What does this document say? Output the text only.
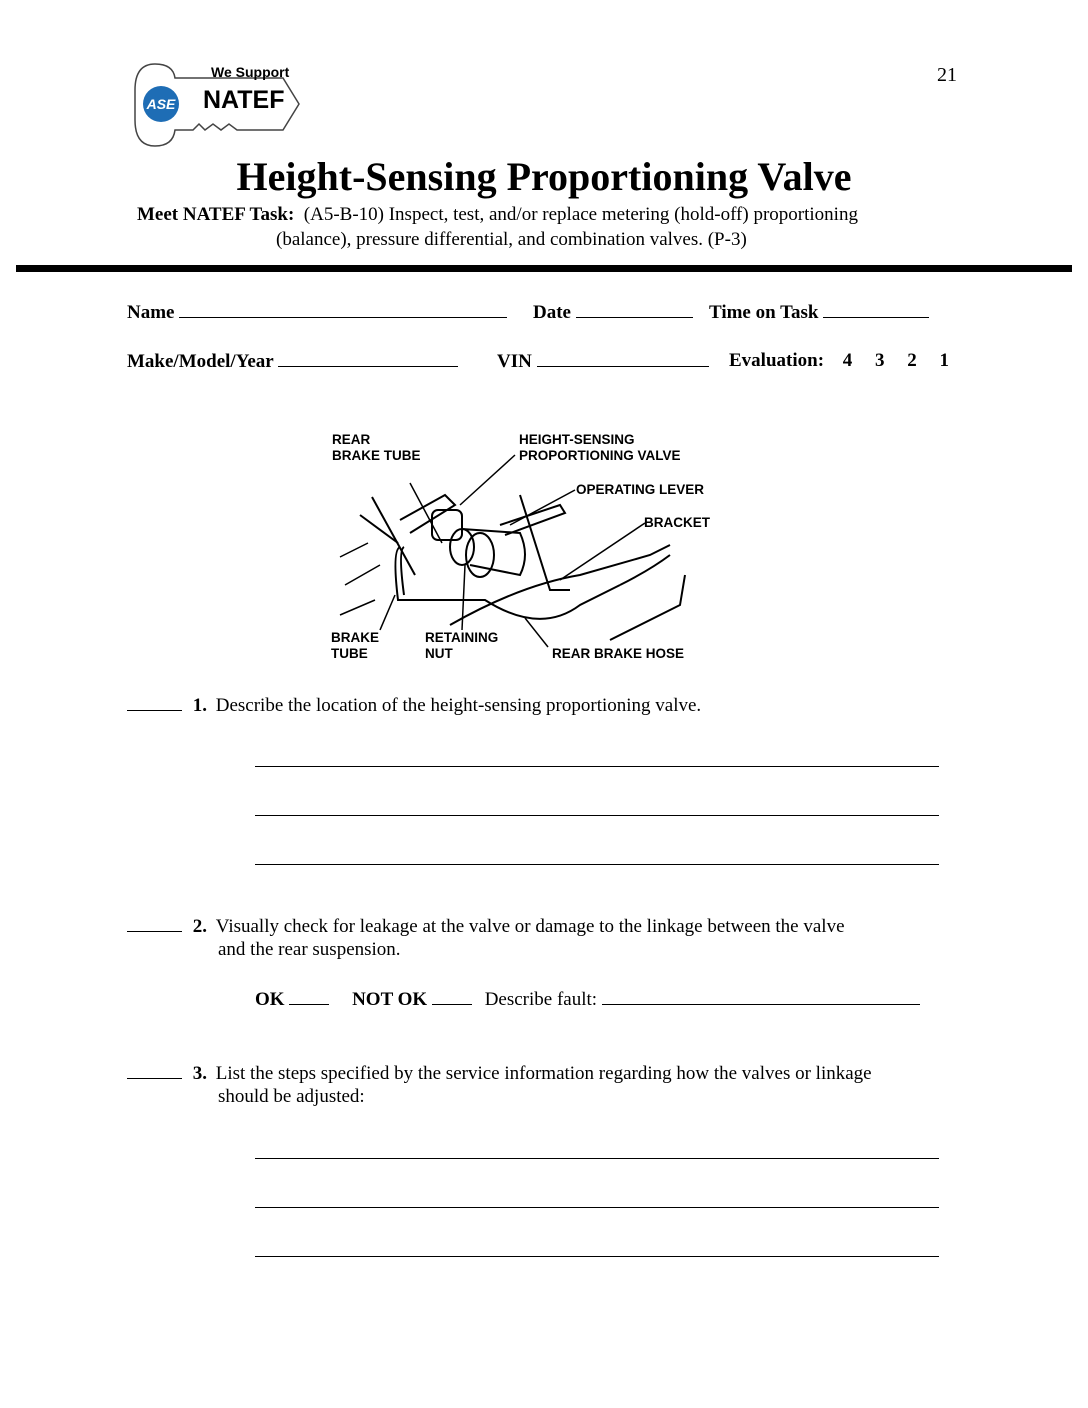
21
ASE
We Support
NATEF
Height-Sensing Proportioning Valve
Meet NATEF Task: (A5-B-10) Inspect, test, and/or replace metering (hold-off) proportioning
(balance), pressure differential, and combination valves. (P-3)
Name	Date	Time on Task
Make/Model/Year	VIN	Evaluation: 4 3 2 1
REAR
BRAKE TUBE
HEIGHT-SENSING
PROPORTIONING VALVE
OPERATING LEVER
BRACKET
BRAKE
TUBE
RETAINING
NUT	REAR BRAKE HOSE
1. Describe the location of the height-sensing proportioning valve.
2. Visually check for leakage at the valve or damage to the linkage between the valve
and the rear suspension.
OK	NOT OK	Describe fault:
3. List the steps specified by the service information regarding how the valves or linkage
should be adjusted:
